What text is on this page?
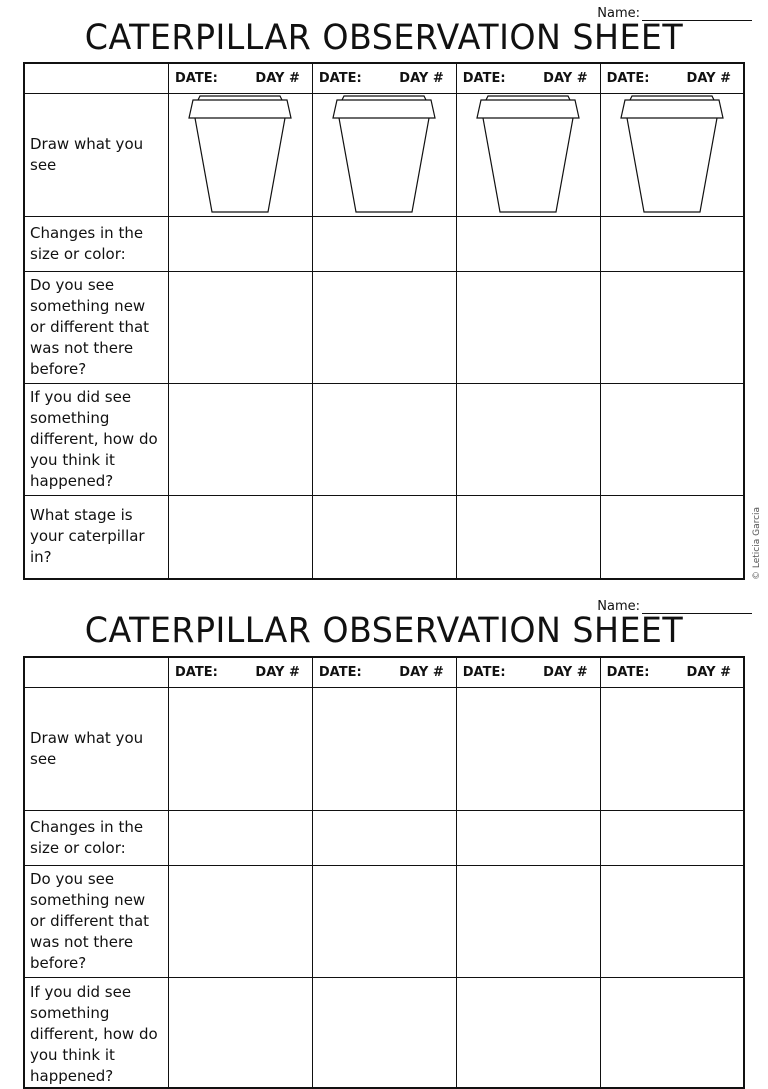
Name:
CATERPILLAR OBSERVATION SHEET

	DATE: DAY #	DATE: DAY #	DATE: DAY #	DATE: DAY #

Draw what you see	

Changes in the size or color:				
Do you see something new or different that was not there before?				
If you did see something different, how do you think it happened?				
What stage is your caterpillar in?					© Leticia Garcia
Name:
CATERPILLAR OBSERVATION SHEET

	DATE: DAY #	DATE: DAY #	DATE: DAY #	DATE: DAY #

Draw what you see				
Changes in the size or color:				
Do you see something new or different that was not there before?				
If you did see something different, how do you think it happened?				
